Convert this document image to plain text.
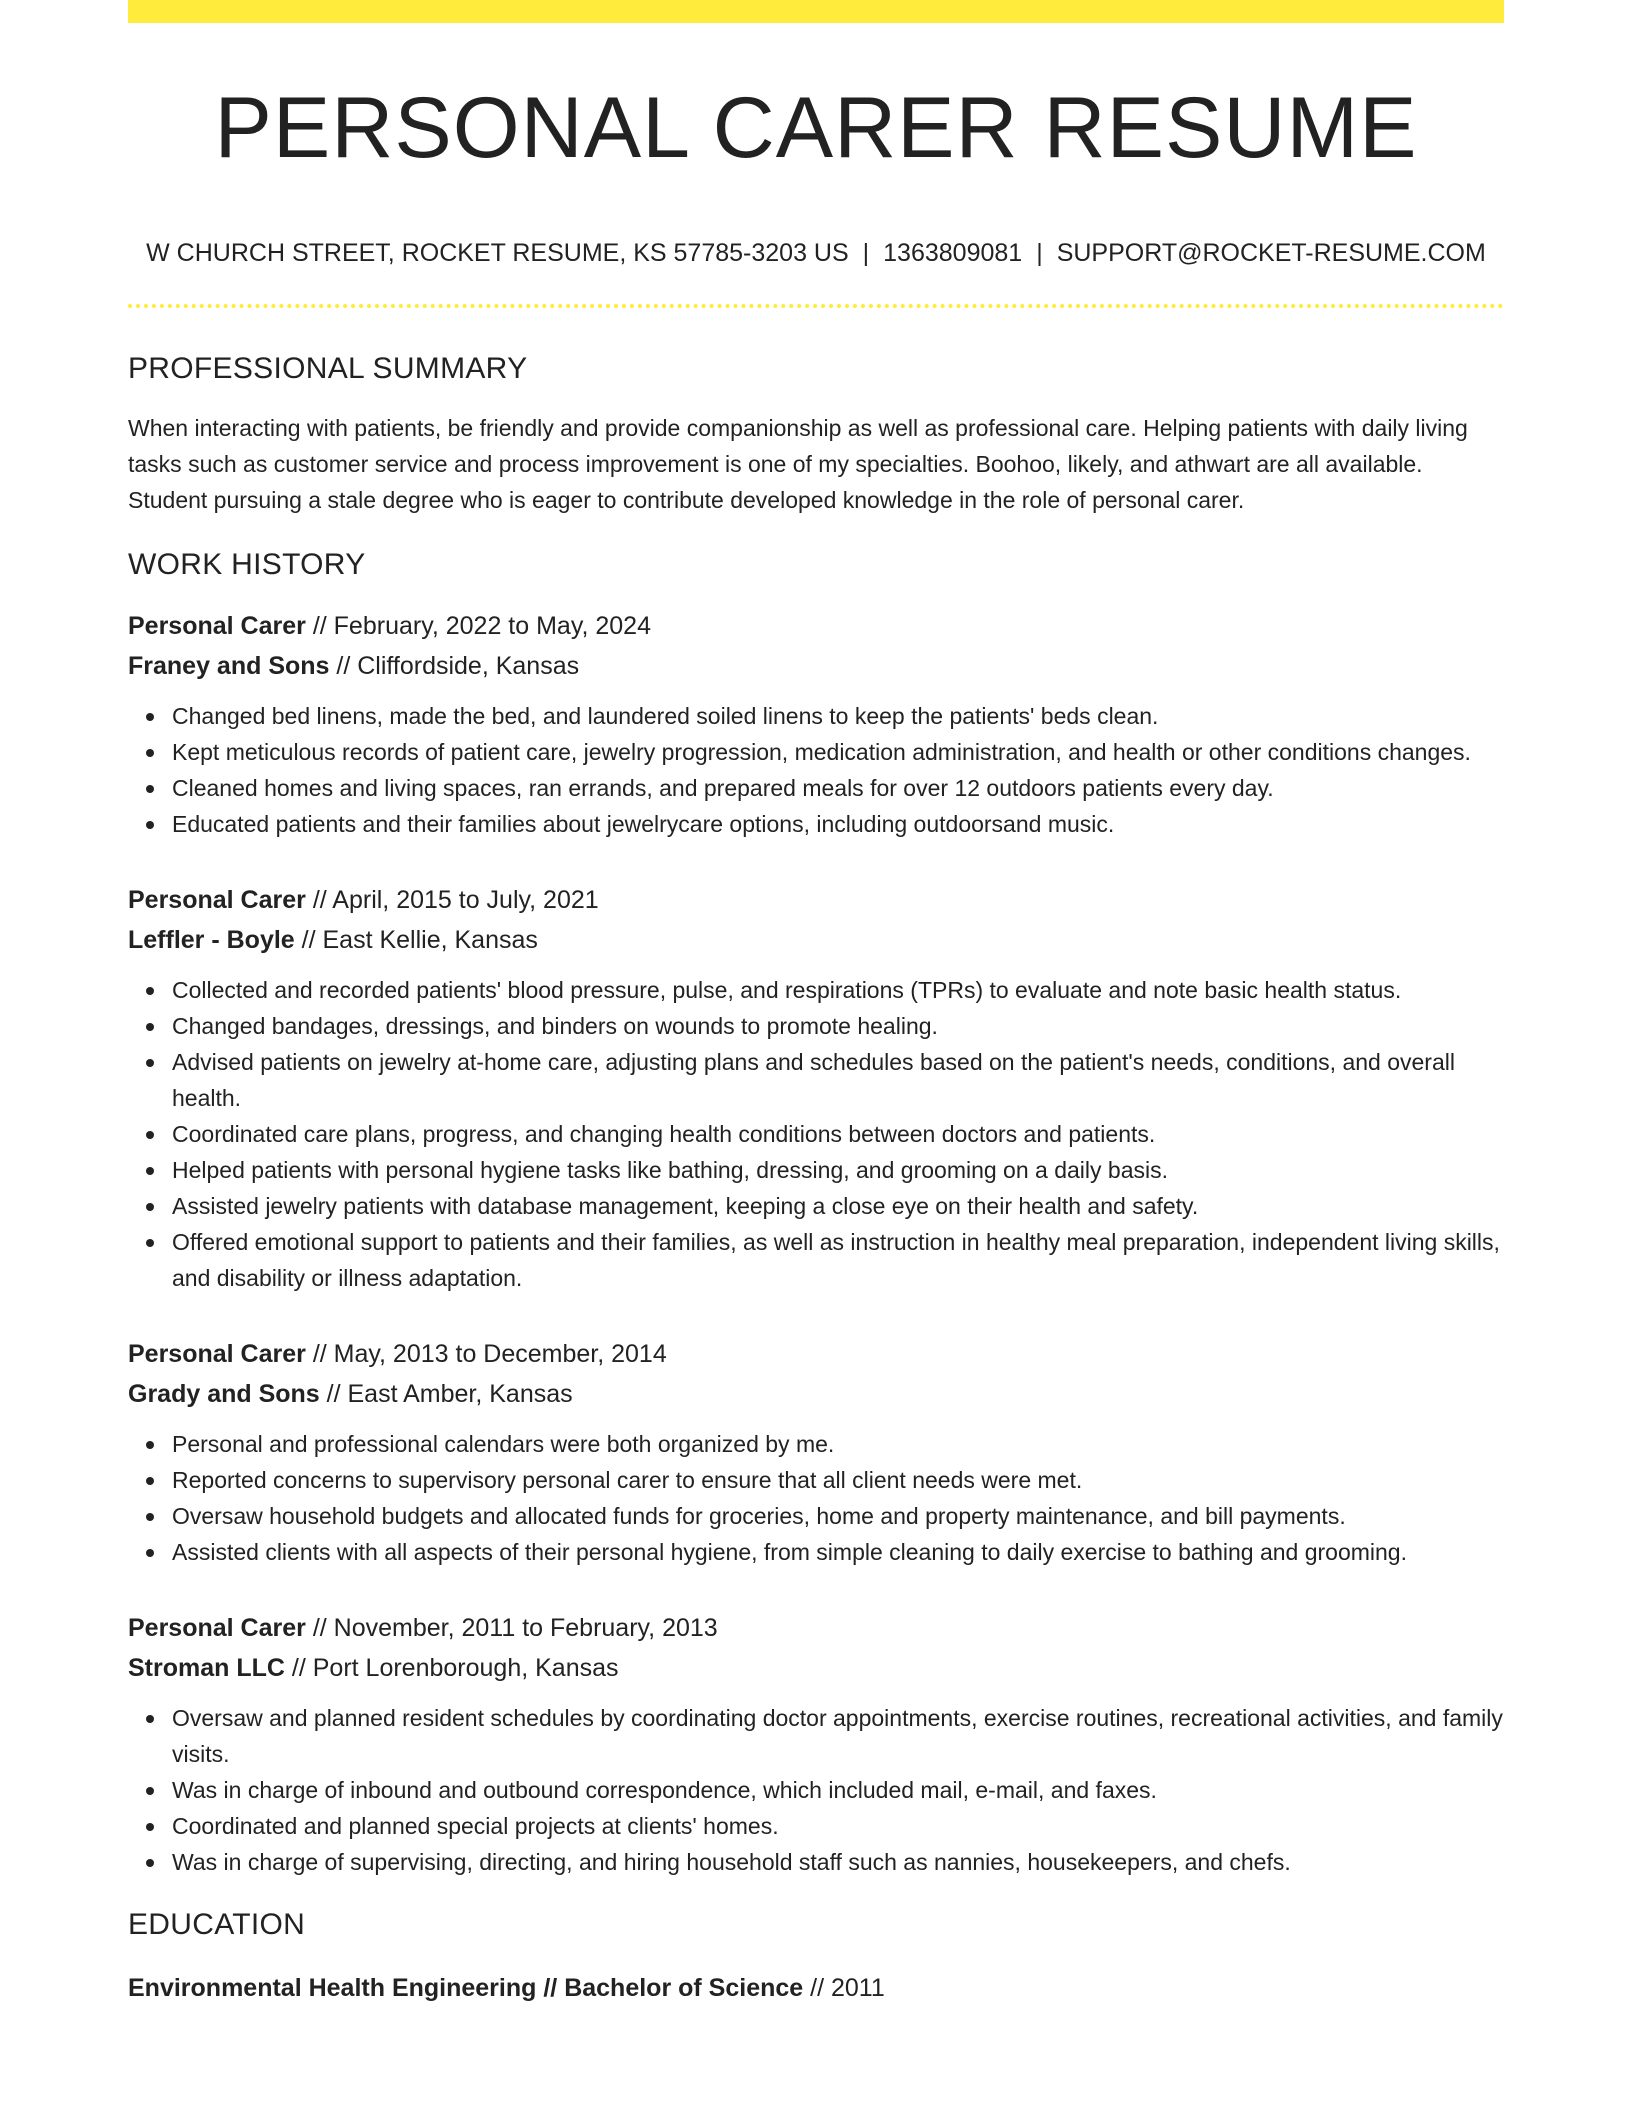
PERSONAL CARER RESUME
W CHURCH STREET, ROCKET RESUME, KS 57785-3203 US | 1363809081 | SUPPORT@ROCKET-RESUME.COM
PROFESSIONAL SUMMARY

When interacting with patients, be friendly and provide companionship as well as professional care. Helping patients with daily living tasks such as customer service and process improvement is one of my specialties. Boohoo, likely, and athwart are all available. Student pursuing a stale degree who is eager to contribute developed knowledge in the role of personal carer.

WORK HISTORY
Personal Carer // February, 2022 to May, 2024
Franey and Sons // Cliffordside, Kansas
Changed bed linens, made the bed, and laundered soiled linens to keep the patients' beds clean.
Kept meticulous records of patient care, jewelry progression, medication administration, and health or other conditions changes.
Cleaned homes and living spaces, ran errands, and prepared meals for over 12 outdoors patients every day.
Educated patients and their families about jewelrycare options, including outdoorsand music.
Personal Carer // April, 2015 to July, 2021
Leffler - Boyle // East Kellie, Kansas
Collected and recorded patients' blood pressure, pulse, and respirations (TPRs) to evaluate and note basic health status.
Changed bandages, dressings, and binders on wounds to promote healing.
Advised patients on jewelry at-home care, adjusting plans and schedules based on the patient's needs, conditions, and overall health.
Coordinated care plans, progress, and changing health conditions between doctors and patients.
Helped patients with personal hygiene tasks like bathing, dressing, and grooming on a daily basis.
Assisted jewelry patients with database management, keeping a close eye on their health and safety.
Offered emotional support to patients and their families, as well as instruction in healthy meal preparation, independent living skills, and disability or illness adaptation.
Personal Carer // May, 2013 to December, 2014
Grady and Sons // East Amber, Kansas
Personal and professional calendars were both organized by me.
Reported concerns to supervisory personal carer to ensure that all client needs were met.
Oversaw household budgets and allocated funds for groceries, home and property maintenance, and bill payments.
Assisted clients with all aspects of their personal hygiene, from simple cleaning to daily exercise to bathing and grooming.
Personal Carer // November, 2011 to February, 2013
Stroman LLC // Port Lorenborough, Kansas
Oversaw and planned resident schedules by coordinating doctor appointments, exercise routines, recreational activities, and family visits.
Was in charge of inbound and outbound correspondence, which included mail, e-mail, and faxes.
Coordinated and planned special projects at clients' homes.
Was in charge of supervising, directing, and hiring household staff such as nannies, housekeepers, and chefs.
EDUCATION
Environmental Health Engineering // Bachelor of Science // 2011
